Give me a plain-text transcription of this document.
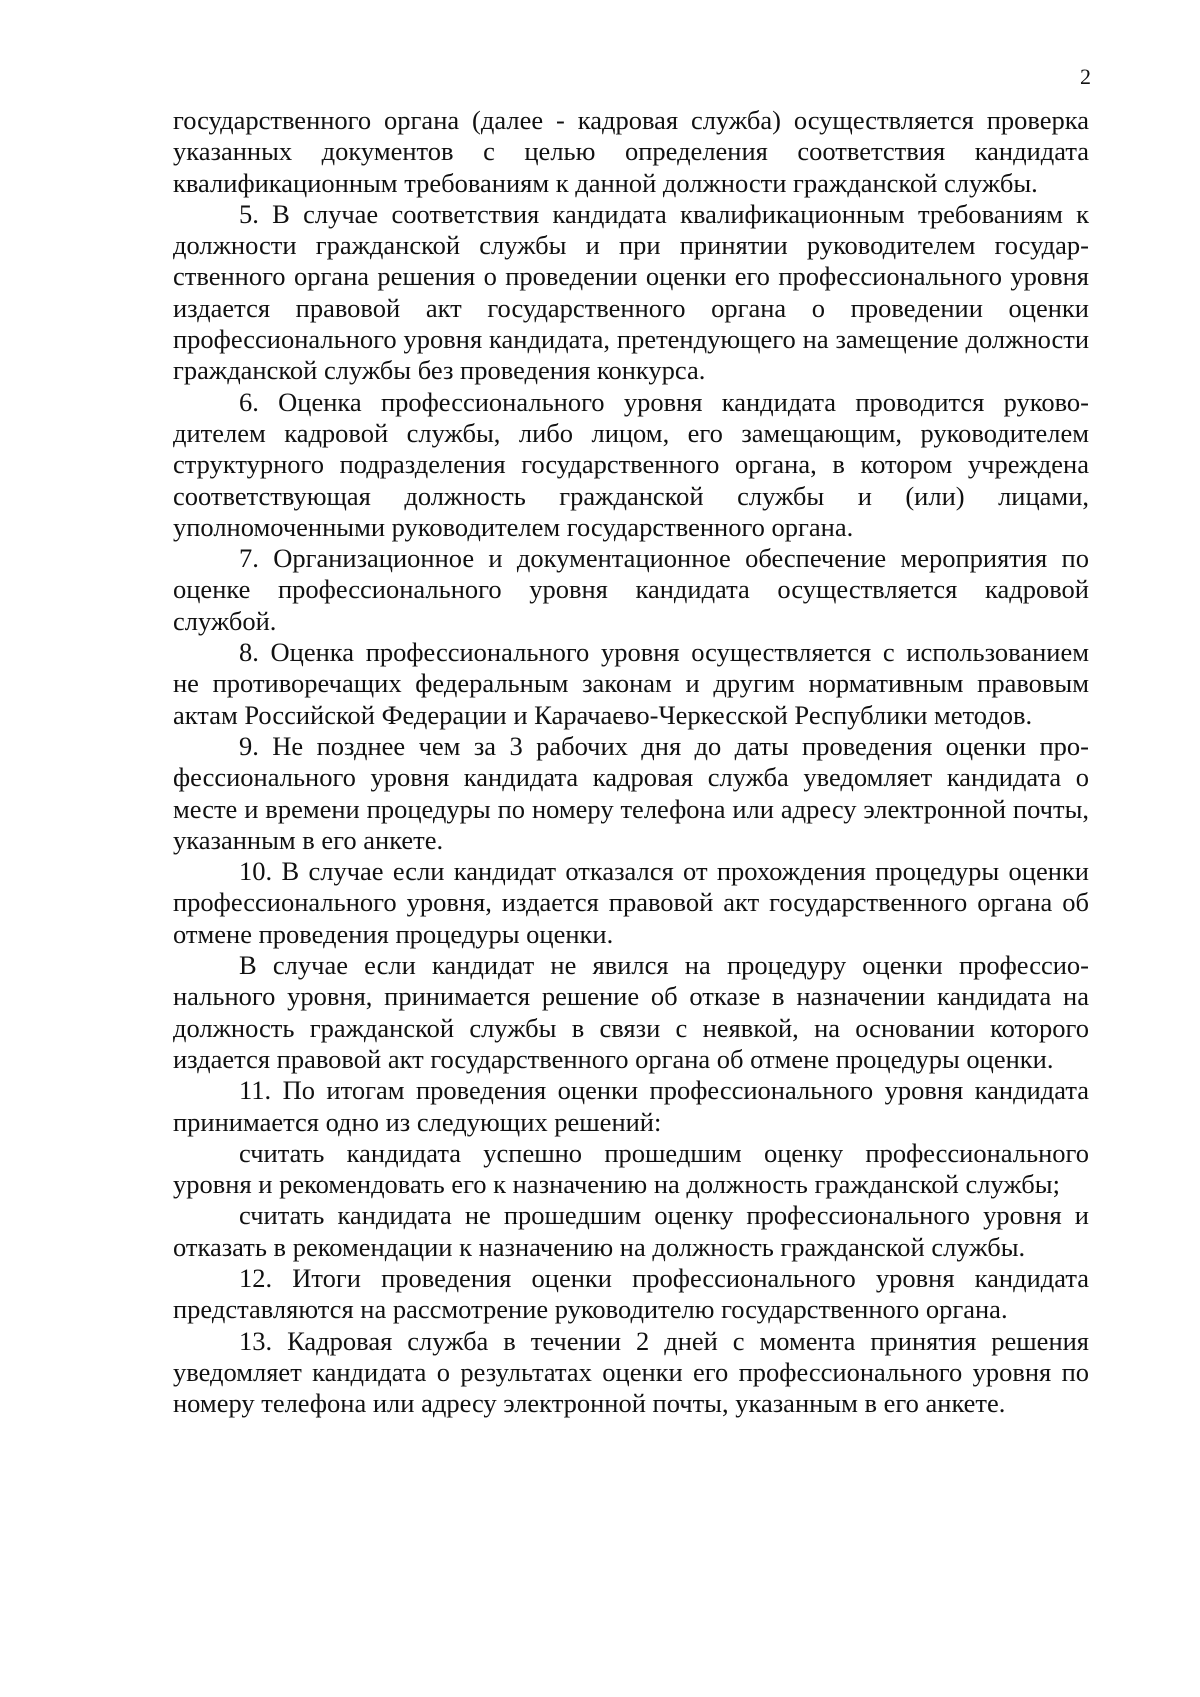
2

государственного органа (далее - кадровая служба) осуществляется проверка указанных документов с целью определения соответствия кандидата квалификационным требованиям к данной должности гражданской службы.

5. В случае соответствия кандидата квалификационным требованиям к должности гражданской службы и при принятии руководителем государственного органа решения о проведении оценки его профессионального уровня издается правовой акт государственного органа о проведении оценки профессионального уровня кандидата, претендующего на замещение должности гражданской службы без проведения конкурса.

6. Оценка профессионального уровня кандидата проводится руководителем кадровой службы, либо лицом, его замещающим, руководителем структурного подразделения государственного органа, в котором учреждена соответствующая должность гражданской службы и (или) лицами, уполномоченными руководителем государственного органа.

7. Организационное и документационное обеспечение мероприятия по оценке профессионального уровня кандидата осуществляется кадровой службой.

8. Оценка профессионального уровня осуществляется с использованием не противоречащих федеральным законам и другим нормативным правовым актам Российской Федерации и Карачаево-Черкесской Республики методов.

9. Не позднее чем за 3 рабочих дня до даты проведения оценки профессионального уровня кандидата кадровая служба уведомляет кандидата о месте и времени процедуры по номеру телефона или адресу электронной почты, указанным в его анкете.

10. В случае если кандидат отказался от прохождения процедуры оценки профессионального уровня, издается правовой акт государственного органа об отмене проведения процедуры оценки.

В случае если кандидат не явился на процедуру оценки профессионального уровня, принимается решение об отказе в назначении кандидата на должность гражданской службы в связи с неявкой, на основании которого издается правовой акт государственного органа об отмене процедуры оценки.

11. По итогам проведения оценки профессионального уровня кандидата принимается одно из следующих решений:

считать кандидата успешно прошедшим оценку профессионального уровня и рекомендовать его к назначению на должность гражданской службы;

считать кандидата не прошедшим оценку профессионального уровня и отказать в рекомендации к назначению на должность гражданской службы.

12. Итоги проведения оценки профессионального уровня кандидата представляются на рассмотрение руководителю государственного органа.

13. Кадровая служба в течении 2 дней с момента принятия решения уведомляет кандидата о результатах оценки его профессионального уровня по номеру телефона или адресу электронной почты, указанным в его анкете.
